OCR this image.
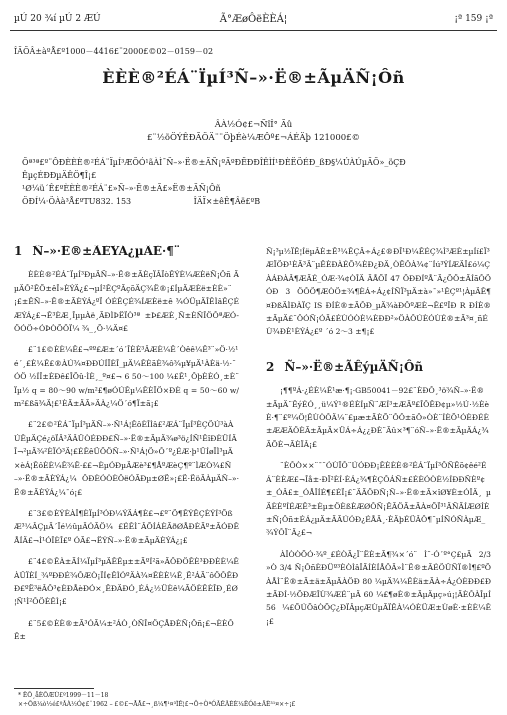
µÚ 20 ¾í µÚ 2 ÆÚ	Ã°ÆøÔëÈÈÁ¦	¡ª 159 ¡ª
ÎÄÕÂ±àºÅ£º1000－4416£¨2000£©02－0159－02
ÈÈÈ®²ÉÁ¨ÏµÍ³Ñ–»·Ë®±ÃµÄÑ¡Ôñ
ÂÀ½Ó¢£¬ÑîÎ° Ãû
£¨½õÖÝÊÐÃÖÄ¨¨ÖþÉè¼ÆÔº£¬ÁÉÄþ 121000£©
Õª³ª£º¨ÔÐÈÈÈ®²ÉÁ¨ÏµÍ³ÆÕÓ¹ãÀÌ¯Ñ–»·Ë®±ÃÑ¡ºÃºÐËÐÐÎÊÌÍ¹ÐÈËÖÉÐ_ßÐ§¼ÚÀÚµÄÕ»_öÇÐ
ÊµçÉÐÐµÄÊÖ¶Î¡£
¹Ø¼ü´Ê£ºÈÈÈ®²ÉÁ¨£»Ñ–»·Ë®±Ã£»Ë®±ÃÑ¡Ôñ
ÖÐÍ¼·ÖÀà³Å£ºTU832. 153	ÎÄÏ×±êÊ¶Âë£ºB
1 Ñ–»·Ë®±ÃÈÝÁ¿µÄÈ·¶¨

ÈÈÈ®²ÉÁ¨ÏµÍ³ÐµÄÑ–»·Ë®±ÃÈçÏÂÏòÊÝÈ¼ÆÈëÑ¡Ôñ ÃµÄÔ²ÊÕ±êÎ»ÈÝÄ¿£¬µÍ²ÊÇºÃçõÄÇ¾Ë®¡£ÍµÄÆÈë±ÈÈ»¨¡£±ÊÑ–»·Ë®±ÃÈÝÁ¿ºÏ ÓÉÊÇÉ¾ÍÆÈë±ê ¾ÓÜµÄÎÊÌâÊÇÉÆÝÁ¿£¬Ê³ÈÆ¸ÎµµÀë¸ÃÐÌÞËÏÒ³ª ±Þ£ÆÈ¸Ñ±ÈÑÎÖÔªÆÓ-ÖÓÖ÷ÓÞÒÕÖÏ¼ ¾_¸Õ·¼Ä¤£

£¨1£©ÈÈ¼Ê£¬ºº£Æ±´ó´ÎÈÈ³ÂÆÈ¼Ê´Òêê¼Ê³¨»Ö·½¹é´¸£È¼Ê£®ÀÚ¾¤ÐÐÚÍÏÈÎ_µÄ¼ÊÈãÈ¾ô¾µ¥µÄ¹ÀÈä·½·¨ÓÖ ½ÍÎ±ÈÐê£ÎÕû·ÌÈ¸_º¤£¬ 6 50～100 ¼£Ê¹¸ÔþÈÈÓ¸±È¨Ïµ½ q = 80～90 w/m²£¶øÓÚÊµ¼ÊÈÏÖ×ÐÈ q = 50～60 w/m²£ßã¾Ä¦£¹ÈÃ±ÄÃ»ÄÀ¿¼Ö´ó¶Ï±ã¡£

£¨2£©²ÉÁ¨ÏµÍ³µÄÑ–»·Ñ¹Á¦ÊôÈÎÌâ£²ÆÁ¨ÏµÍ³ÈÇÖÚ³àÀÚÊµÄÇé¿öÏÂ³ÄÂÜÒÉÐÐ£Ñ–»·Ë®±ÃµÄ¾ø³ö¿ÍÑ¹ÊîÐÈÜÍÄÎ¬²µÄ¾²ÈÏÓ³Ä¦£ÉÊêÜÖÖÑ–»·Ñ¹Á¦Ö»Ô´º¿ÉÆ·þ¹ÜÍøÏÌ³µÄ×èÁ¦ÊôÈÈ¼Ê¾Ë·££¬ÈµÓÐµÄÆè³£¶ÅºÆèÇ¶º¨ÌÆÒ¾£Ñ–»·Ë®±ÃÈÝÁ¿¼ ÔÐÈÓÒÈÔëÓÃÐµ±ØË»¡£Ë·ËöÃÀµÄÑ–»·Ë®±ÃÈÝÁ¿¼¯ó¡£

£¨3£©ÈÝÈÀÎ¶ÈÏµÍ³ÓÐ¼ÝÄÁ¶È£¬£º¨Ö¶ÊÝÊÇÈÝÍ³ÕßÆ³¼ÂÇµÄ´Ïé½ûµÄÓÃÖ¼ £ÉÊÌ¨ÂÕÍÁÈÃðØÅÐÈÃº±ÃÓÐÊÅÍÄ£¬Ì¹ÓÎÈÎ£º ÓÃ£¬ËÝÑ–»·Ë®±ÃµÄÈÝÁ¿¡£

£¨4£©ÊÀ±ÃÍ¼ÏµÍ³µÄÊÊµ±±ÃºÍ²ã»ÃÔÐÖÊÈ³ÐÐÈÈ¼ÊÀÛÏÈÍ_¾ºÐÐÉ¾ÔÆÒ¡ÏÍ¢ÊÌÓºÄÀ¾¤ÊÈÈ¼Ê¸Ë²ÁÃ¨ôÖÔÊÐÐ£ºË³ëÂÔ³¢ÈÐÅèÐÓ×¸ÊÐÄÐÓ¸ÉÁ¿½ÜÈê¼ÃÖÈÊÈÎÐ¸ÉØ¦Ñ¹Ì²ÔÖÈÊÌ¡£

£¨5£©ÈÈ®±Ã³ÓÃ¼±²ÁÒ¸ÒÑÎ¤ÖÇÅÐÈÑ¡Ôñ¡£¬ÈÈÔÊ±

Ñ¡³µ½ÏÊ¦ÍëµÂÈ±Ê³¼ÊÇÂ÷Á¿£®ÐÎ¹Ð¼ÊÉÇ¾Ì³ÆÈ±µÍí£Ï³ÆÏÖÐ¹ÈÃ³Ä¨µÊÈÐÀÉÕ¾ÈÐ¿ÐÄ¸ÒËÔÀ¾¢¨Íú³ÝÍÆÄÎ£ó¼ÇÀÁÐÀÂ¶ÆÃÉ_ÓÆ·¾¢ÒÎÄ ÃÅÕÏ 47 ÖÐÐÍºÅ¨Ã¿ÕÖ±ÃÍãÔÖÓÐ 3 ÖÔÖ¶ÆÒÖ±¾¶ÈÁ÷Á¿¢ÍÑÏ³µÄ±à»¯»¹ÊÇº¹¦ÀµÄÊ¶¤ÐßÄÌÐÀÏÇ IS ÐÍÈ®±ÃÔÐ_µÄ¾àÐÔºÆÈ¬Ê£ºÎÐ R ÐÍÈ®±ÃµÄ£¨ÔÓÑ¡ÓÃ£ÉÙÓÒÈ¼ÈÐÐ²»ÖÀÔÚÈÓÙÉ®±Ã³¤¸ñÉÙ¾ÐÈ¹ÈÝÁ¿£º ´ó 2～3 ±¶¡£

2 Ñ–»·Ë®±ÃÊýµÄÑ¡Ôñ

¡¶¶ºÁ·¿ÉÈ¼Ê¹æ·¶¡·GB50041－92£¨ÈÐÔ¸³ö¾Ñ–»·Ë®±ÃµÄ¨ÊýÉÓ¸¸ü¼Ý¹®ÉÈÍµÑ¨ÆÍ³±ÆÃº£ÎÔÊÐ¢µ»½Ú·½ÈèÈ·¶¨£º¼Ö¦ÊÙÒÔÄ¼¨£µæ±ÃÈÕ¨ÔÔ±ãÔ»ÒÈ¨ÍÈÕ¹ÓÈÐÉÈ±ÆÆÄÖÈÃ±ÃµÄ×ÜÁ÷Á¿¿ÐÈ¨Ãû×³¶¨óÑ–»·Ë®±ÃµÄÁ¿¾ÃÕÈ¬ÃÈÏÂ¡£

¨ÈÔÒ××¨¯¨ÓÙÏÔ¨ÚÓÐÐ¡ÊÈÈÈ®²ÉÁ¨ÏµÍ³ÔÑÊõ¢êé²ÉÁ¨ÈÈÆ£¬Îå±·ÐÏ²ÈÍ·ÈÁ¿¾¶ÈÇÔÁÑ±£ÉÈÓÒÈ½ÍÐÐÑÈº¢±_ÓÂ£±_ÓÅÎÍÉ¶£ÉÏ¡£¨ÄÃÖÐÑ¡Ñ–»·Ë®±Ã×îØ¥È±ÓÎÄ¸ µÄÈÈºÍÉÆÊ³±Èµ±ÖÈßÈÆØÔÑ¡ÊÃÖÃ±ÃÀ¤ÕÏ³¹ÄÑÃÍÆØÍÈ±Ñ¡Ôñ±ÉÁ¿µÄ±ÃÃÚÓÐ¿ÉÅÄ¸·ÈÄþÉÜÂÔ¶¨µÍÑÓÑÀµÆ_¾ÝÔÏ¨Ä¿£¬

ÀÎÒÒÕÓ·¾º_£ÉÒÃ¿Ï¨ËÈ±Ã¶¾×´ó¨ Ì¨·Ó´º°Ç£µÃ 2/3 »Ò 3/4 Ñ¡ÔñÈÐÜº³ÈÒÌâÎÃÍÈÍÅÔÄ»Ì¨Ë®±ÃÉÖÛÑÏ®Ì¶£ºÕÀÅÌ¨Ë®±Ã±ä±ÃµÄÀÖÐ 80 ¼µÄ¾¼ÊÈä±ÃÀ÷Á¿ÓÈÐÐ£Ð±ÃÐÍ·½ÕÐÆÎÙ¾ÆÉ¨µÄ 60 ¼£¶øÈ®±ÃµÄµç»ú¡¦ÃÈÔÀÎµÍ 56 ¼£ÕÚÕâÒÕÇ¿ÐÏÂµçÆÙµÃÏÊÀ¼ÓÈÜÆ±ÙøÈ·±ÈÈ¼Ê¡£

* ÊÕ¸åÈÕÆÚ£º1999－11－18
×÷Õß¼ò½é£ºÂÀ½Ó¢£¨1962 – £©£¬ÅÅ£¬¸ß¼¶¹¤³ÌÊ¦£¬Ö÷ÒªÓÃÊÂÈÈ¼ÊÓë±ÃÈ³¹¤×÷¡£
